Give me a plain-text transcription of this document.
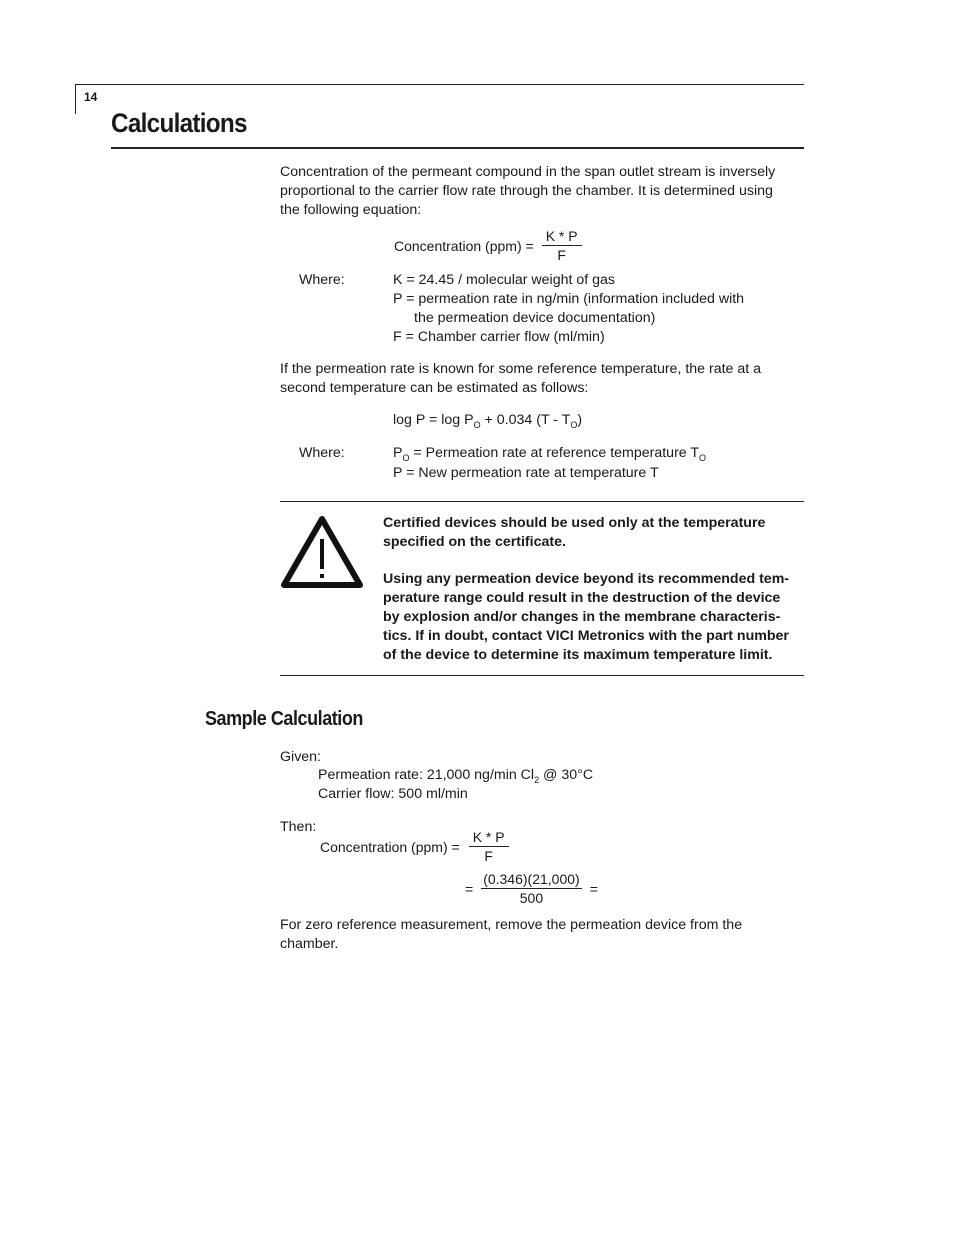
14
Calculations
Concentration of the permeant compound in the span outlet stream is inversely
proportional to the carrier flow rate through the chamber. It is determined using
the following equation:
Concentration $(ppm) = \frac{K * P}{F}$
Where:	K = 24.45 / molecular weight of gas
P = permeation rate in ng/min (information included with
the permeation device documentation)
F = Chamber carrier flow (ml/min)
If the permeation rate is known for some reference temperature, the rate at a
second temperature can be estimated as follows:
$\log P = \log P_O + 0.034$ $(T - T_O)$
Where:	$P_O$ = Permeation rate at reference temperature $T_O$
P = New permeation rate at temperature T
Certified devices should be used only at the temperature
specified on the certificate.
Using any permeation device beyond its recommended tem-
perature range could result in the destruction of the device
by explosion and/or changes in the membrane characteris-
tics. If in doubt, contact VICI Metronics with the part number
of the device to determine its maximum temperature limit.
Sample Calculation
Given:
Permeation rate: 21,000 ng/min $Cl_2$ @ 30°C
Carrier flow: 500 ml/min
Then:
Concentration $(ppm) = \frac{K * P}{F}$
= $\frac{(0.346)(21,000)}{500}$ =
For zero reference measurement, remove the permeation device from the
chamber.
